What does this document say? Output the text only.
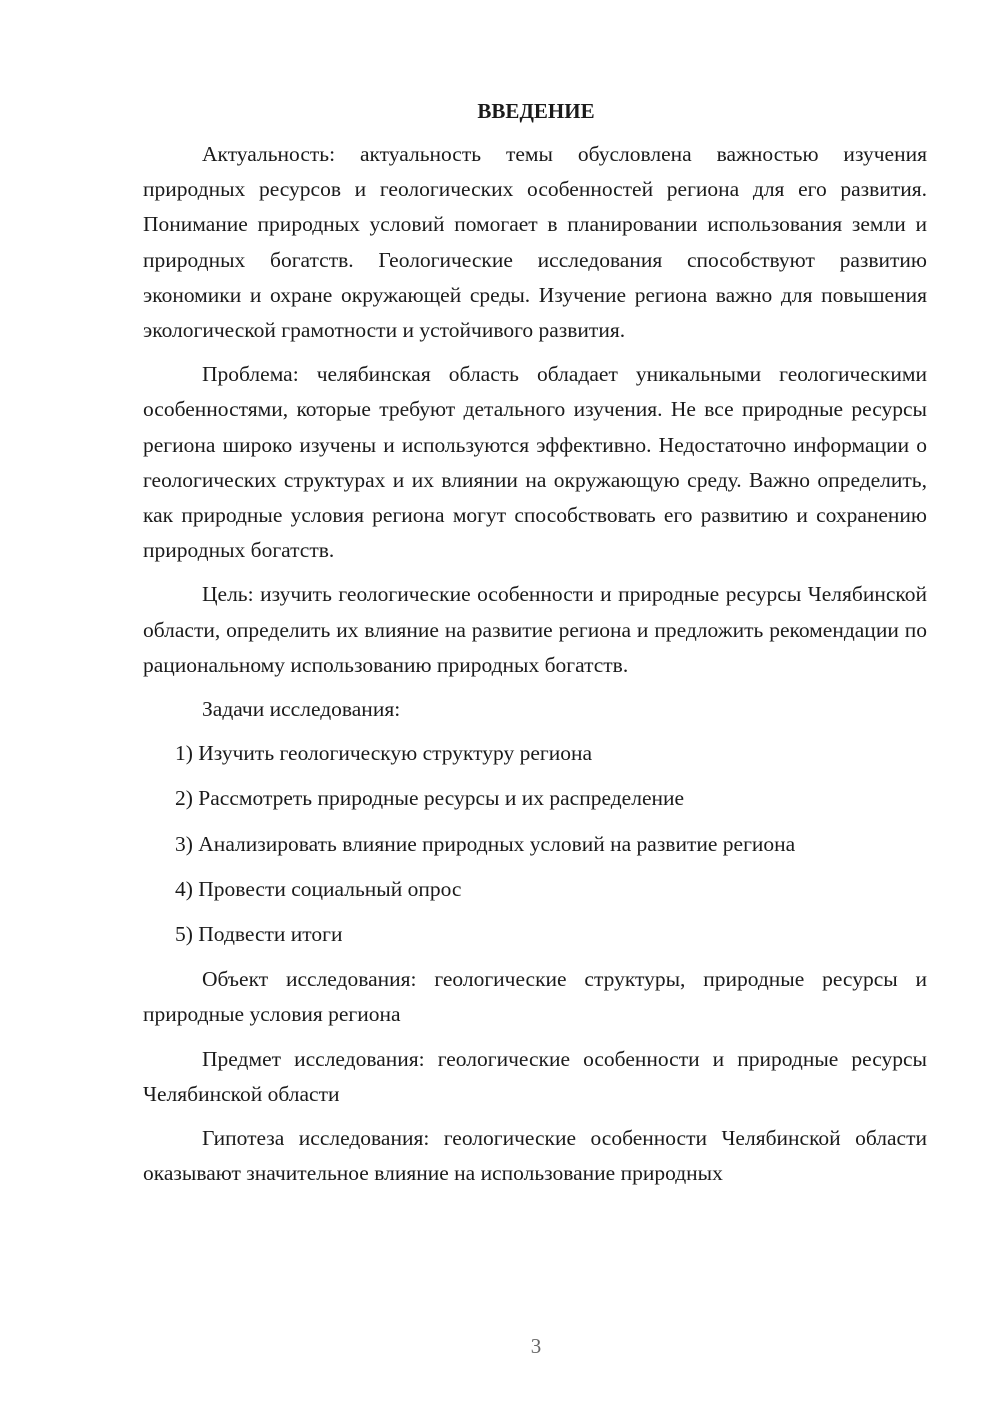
ВВЕДЕНИЕ
Актуальность: актуальность темы обусловлена важностью изучения природных ресурсов и геологических особенностей региона для его развития. Понимание природных условий помогает в планировании использования земли и природных богатств. Геологические исследования способствуют развитию экономики и охране окружающей среды. Изучение региона важно для повышения экологической грамотности и устойчивого развития.
Проблема: челябинская область обладает уникальными геологическими особенностями, которые требуют детального изучения. Не все природные ресурсы региона широко изучены и используются эффективно. Недостаточно информации о геологических структурах и их влиянии на окружающую среду. Важно определить, как природные условия региона могут способствовать его развитию и сохранению природных богатств.
Цель: изучить геологические особенности и природные ресурсы Челябинской области, определить их влияние на развитие региона и предложить рекомендации по рациональному использованию природных богатств.
Задачи исследования:
1) Изучить геологическую структуру региона
2) Рассмотреть природные ресурсы и их распределение
3) Анализировать влияние природных условий на развитие региона
4) Провести социальный опрос
5) Подвести итоги
Объект исследования: геологические структуры, природные ресурсы и природные условия региона
Предмет исследования: геологические особенности и природные ресурсы Челябинской области
Гипотеза исследования: геологические особенности Челябинской области оказывают значительное влияние на использование природных
3
